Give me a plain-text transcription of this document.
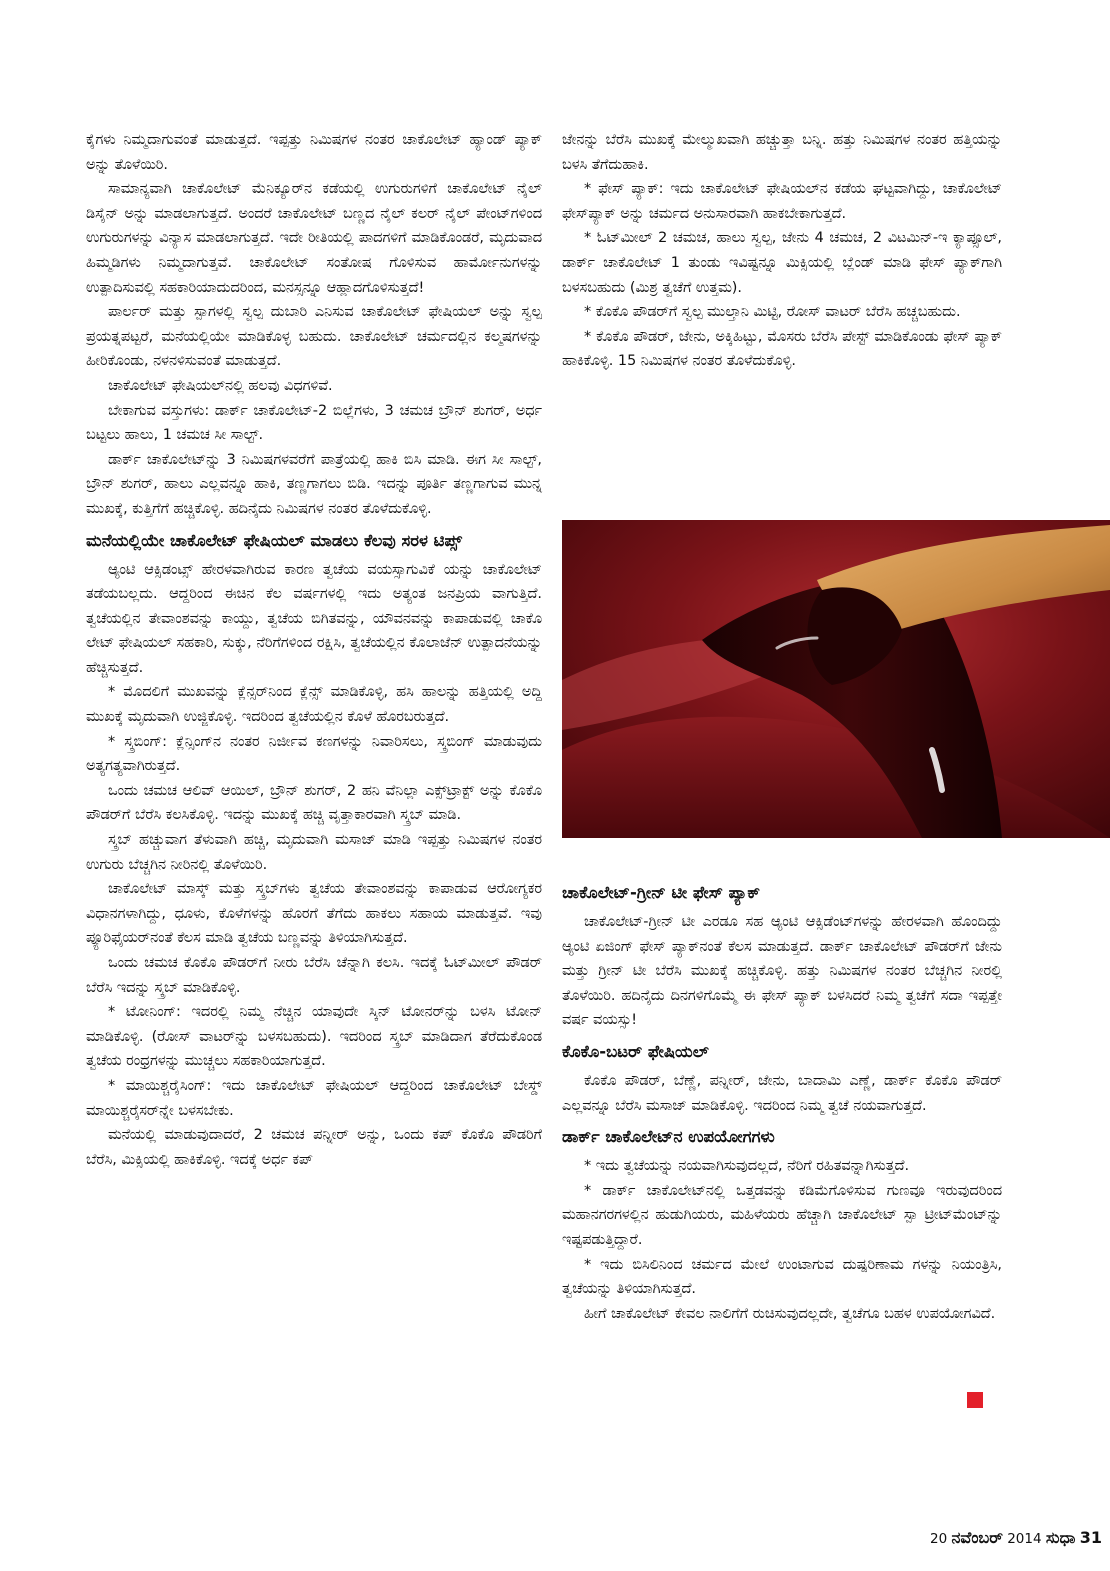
ಕೈಗಳು ನಿಮ್ಮದಾಗುವಂತೆ ಮಾಡುತ್ತದೆ. ಇಪ್ಪತ್ತು ನಿಮಿಷಗಳ ನಂತರ ಚಾಕೊಲೇಟ್ ಹ್ಯಾಂಡ್ ಪ್ಯಾಕ್ ಅನ್ನು ತೊಳೆಯಿರಿ.

ಸಾಮಾನ್ಯವಾಗಿ ಚಾಕೊಲೇಟ್ ಮೆನಿಕ್ಯೂರ್‌ನ ಕಡೆಯಲ್ಲಿ ಉಗುರುಗಳಿಗೆ ಚಾಕೊಲೇಟ್ ನೈಲ್ ಡಿಸೈನ್ ಅನ್ನು ಮಾಡಲಾಗುತ್ತದೆ. ಅಂದರೆ ಚಾಕೊಲೇಟ್ ಬಣ್ಣದ ನೈಲ್ ಕಲರ್ ನೈಲ್ ಪೇಂಟ್‌ಗಳಿಂದ ಉಗುರುಗಳನ್ನು ವಿನ್ಯಾಸ ಮಾಡಲಾಗುತ್ತದೆ. ಇದೇ ರೀತಿಯಲ್ಲಿ ಪಾದಗಳಿಗೆ ಮಾಡಿಕೊಂಡರೆ, ಮೃದುವಾದ ಹಿಮ್ಮಡಿಗಳು ನಿಮ್ಮದಾಗುತ್ತವೆ. ಚಾಕೊಲೇಟ್ ಸಂತೋಷ ಗೊಳಿಸುವ ಹಾರ್ಮೋನುಗಳನ್ನು ಉತ್ಪಾದಿಸುವಲ್ಲಿ ಸಹಕಾರಿಯಾದುದರಿಂದ, ಮನಸ್ಸನ್ನೂ ಆಹ್ಲಾದಗೊಳಿಸುತ್ತದೆ!

ಪಾರ್ಲರ್ ಮತ್ತು ಸ್ಪಾಗಳಲ್ಲಿ ಸ್ವಲ್ಪ ದುಬಾರಿ ಎನಿಸುವ ಚಾಕೊಲೇಟ್ ಫೇಷಿಯಲ್ ಅನ್ನು ಸ್ವಲ್ಪ ಪ್ರಯತ್ನಪಟ್ಟರೆ, ಮನೆಯಲ್ಲಿಯೇ ಮಾಡಿಕೊಳ್ಳ ಬಹುದು. ಚಾಕೊಲೇಟ್ ಚರ್ಮದಲ್ಲಿನ ಕಲ್ಮಷಗಳನ್ನು ಹೀರಿಕೊಂಡು, ನಳನಳಿಸುವಂತೆ ಮಾಡುತ್ತದೆ.

ಚಾಕೊಲೇಟ್ ಫೇಷಿಯಲ್‌ನಲ್ಲಿ ಹಲವು ವಿಧಗಳಿವೆ.

ಬೇಕಾಗುವ ವಸ್ತುಗಳು: ಡಾರ್ಕ್ ಚಾಕೊಲೇಟ್-2 ಬಿಲ್ಲೆಗಳು, 3 ಚಮಚ ಬ್ರೌನ್ ಶುಗರ್, ಅರ್ಧ ಬಟ್ಟಲು ಹಾಲು, 1 ಚಮಚ ಸೀ ಸಾಲ್ಟ್.

ಡಾರ್ಕ್ ಚಾಕೊಲೇಟ್‌ನ್ನು 3 ನಿಮಿಷಗಳವರೆಗೆ ಪಾತ್ರೆಯಲ್ಲಿ ಹಾಕಿ ಬಿಸಿ ಮಾಡಿ. ಈಗ ಸೀ ಸಾಲ್ಟ್, ಬ್ರೌನ್ ಶುಗರ್, ಹಾಲು ಎಲ್ಲವನ್ನೂ ಹಾಕಿ, ತಣ್ಣಗಾಗಲು ಬಿಡಿ. ಇದನ್ನು ಪೂರ್ತಿ ತಣ್ಣಗಾಗುವ ಮುನ್ನ ಮುಖಕ್ಕೆ, ಕುತ್ತಿಗೆಗೆ ಹಚ್ಚಿಕೊಳ್ಳಿ. ಹದಿನೈದು ನಿಮಿಷಗಳ ನಂತರ ತೊಳೆದುಕೊಳ್ಳಿ.

ಮನೆಯಲ್ಲಿಯೇ ಚಾಕೊಲೇಟ್ ಫೇಷಿಯಲ್ ಮಾಡಲು ಕೆಲವು ಸರಳ ಟಿಪ್ಸ್

ಆ್ಯಂಟಿ ಆಕ್ಸಿಡಂಟ್ಸ್ ಹೇರಳವಾಗಿರುವ ಕಾರಣ ತ್ವಚೆಯ ವಯಸ್ಸಾಗುವಿಕೆ ಯನ್ನು ಚಾಕೊಲೇಟ್ ತಡೆಯಬಲ್ಲದು. ಆದ್ದರಿಂದ ಈಚಿನ ಕೆಲ ವರ್ಷಗಳಲ್ಲಿ ಇದು ಅತ್ಯಂತ ಜನಪ್ರಿಯ ವಾಗುತ್ತಿದೆ. ತ್ವಚೆಯಲ್ಲಿನ ತೇವಾಂಶವನ್ನು ಕಾಯ್ದು, ತ್ವಚೆಯ ಬಿಗಿತವನ್ನು, ಯೌವನವನ್ನು ಕಾಪಾಡುವಲ್ಲಿ ಚಾಕೊ ಲೇಟ್ ಫೇಷಿಯಲ್ ಸಹಕಾರಿ, ಸುಕ್ಕು, ನೆರಿಗೆಗಳಿಂದ ರಕ್ಷಿಸಿ, ತ್ವಚೆಯಲ್ಲಿನ ಕೊಲಾಜೆನ್ ಉತ್ಪಾದನೆಯನ್ನು ಹೆಚ್ಚಿಸುತ್ತದೆ.

* ಮೊದಲಿಗೆ ಮುಖವನ್ನು ಕ್ಲೆನ್ಸರ್‌ನಿಂದ ಕ್ಲೆನ್ಸ್ ಮಾಡಿಕೊಳ್ಳಿ, ಹಸಿ ಹಾಲನ್ನು ಹತ್ತಿಯಲ್ಲಿ ಅದ್ದಿ ಮುಖಕ್ಕೆ ಮೃದುವಾಗಿ ಉಜ್ಜಿಕೊಳ್ಳಿ. ಇದರಿಂದ ತ್ವಚೆಯಲ್ಲಿನ ಕೊಳೆ ಹೊರಬರುತ್ತದೆ.

* ಸ್ಕ್ರಬಿಂಗ್: ಕ್ಲೆನ್ಸಿಂಗ್‌ನ ನಂತರ ನಿರ್ಜೀವ ಕಣಗಳನ್ನು ನಿವಾರಿಸಲು, ಸ್ಕ್ರಬಿಂಗ್ ಮಾಡುವುದು ಅತ್ಯಗತ್ಯವಾಗಿರುತ್ತದೆ.

ಒಂದು ಚಮಚ ಆಲಿವ್ ಆಯಿಲ್, ಬ್ರೌನ್ ಶುಗರ್, 2 ಹನಿ ವೆನಿಲ್ಲಾ ಎಕ್ಸ್‌ಟ್ರಾಕ್ಟ್ ಅನ್ನು ಕೊಕೊ ಪೌಡರ್‌ಗೆ ಬೆರೆಸಿ ಕಲಸಿಕೊಳ್ಳಿ. ಇದನ್ನು ಮುಖಕ್ಕೆ ಹಚ್ಚಿ ವೃತ್ತಾಕಾರವಾಗಿ ಸ್ಕ್ರಬ್ ಮಾಡಿ.

ಸ್ಕ್ರಬ್ ಹಚ್ಚುವಾಗ ತೆಳುವಾಗಿ ಹಚ್ಚಿ, ಮೃದುವಾಗಿ ಮಸಾಜ್ ಮಾಡಿ ಇಪ್ಪತ್ತು ನಿಮಿಷಗಳ ನಂತರ ಉಗುರು ಬೆಚ್ಚಗಿನ ನೀರಿನಲ್ಲಿ ತೊಳೆಯಿರಿ.

ಚಾಕೊಲೇಟ್ ಮಾಸ್ಕ್ ಮತ್ತು ಸ್ಕ್ರಬ್‌ಗಳು ತ್ವಚೆಯ ತೇವಾಂಶವನ್ನು ಕಾಪಾಡುವ ಆರೋಗ್ಯಕರ ವಿಧಾನಗಳಾಗಿದ್ದು, ಧೂಳು, ಕೊಳೆಗಳನ್ನು ಹೊರಗೆ ತೆಗೆದು ಹಾಕಲು ಸಹಾಯ ಮಾಡುತ್ತವೆ. ಇವು ಪ್ಯೂರಿಫೈಯರ್‌ನಂತೆ ಕೆಲಸ ಮಾಡಿ ತ್ವಚೆಯ ಬಣ್ಣವನ್ನು ತಿಳಿಯಾಗಿಸುತ್ತದೆ.

ಒಂದು ಚಮಚ ಕೊಕೊ ಪೌಡರ್‌ಗೆ ನೀರು ಬೆರೆಸಿ ಚೆನ್ನಾಗಿ ಕಲಸಿ. ಇದಕ್ಕೆ ಓಟ್‌ಮೀಲ್ ಪೌಡರ್ ಬೆರೆಸಿ ಇದನ್ನು ಸ್ಕ್ರಬ್ ಮಾಡಿಕೊಳ್ಳಿ.

* ಟೋನಿಂಗ್: ಇದರಲ್ಲಿ ನಿಮ್ಮ ನೆಚ್ಚಿನ ಯಾವುದೇ ಸ್ಕಿನ್ ಟೋನರ್‌ನ್ನು ಬಳಸಿ ಟೋನ್ ಮಾಡಿಕೊಳ್ಳಿ. (ರೋಸ್ ವಾಟರ್‌ನ್ನು ಬಳಸಬಹುದು). ಇದರಿಂದ ಸ್ಕ್ರಬ್ ಮಾಡಿದಾಗ ತೆರೆದುಕೊಂಡ ತ್ವಚೆಯ ರಂಧ್ರಗಳನ್ನು ಮುಚ್ಚಲು ಸಹಕಾರಿಯಾಗುತ್ತದೆ.

* ಮಾಯಿಶ್ಚರೈಸಿಂಗ್: ಇದು ಚಾಕೊಲೇಟ್ ಫೇಷಿಯಲ್ ಆದ್ದರಿಂದ ಚಾಕೊಲೇಟ್ ಬೇಸ್ಡ್ ಮಾಯಿಶ್ಚರೈಸರ್‌ನ್ನೇ ಬಳಸಬೇಕು.

ಮನೆಯಲ್ಲಿ ಮಾಡುವುದಾದರೆ, 2 ಚಮಚ ಪನ್ನೀರ್ ಅನ್ನು, ಒಂದು ಕಪ್ ಕೊಕೊ ಪೌಡರಿಗೆ ಬೆರೆಸಿ, ಮಿಕ್ಸಿಯಲ್ಲಿ ಹಾಕಿಕೊಳ್ಳಿ. ಇದಕ್ಕೆ ಅರ್ಧ ಕಪ್

ಜೇನನ್ನು ಬೆರೆಸಿ ಮುಖಕ್ಕೆ ಮೇಲ್ಮುಖವಾಗಿ ಹಚ್ಚುತ್ತಾ ಬನ್ನಿ. ಹತ್ತು ನಿಮಿಷಗಳ ನಂತರ ಹತ್ತಿಯನ್ನು ಬಳಸಿ ತೆಗೆದುಹಾಕಿ.

* ಫೇಸ್ ಪ್ಯಾಕ್: ಇದು ಚಾಕೊಲೇಟ್ ಫೇಷಿಯಲ್‌ನ ಕಡೆಯ ಘಟ್ಟವಾಗಿದ್ದು, ಚಾಕೊಲೇಟ್ ಫೇಸ್‌ಪ್ಯಾಕ್ ಅನ್ನು ಚರ್ಮದ ಅನುಸಾರವಾಗಿ ಹಾಕಬೇಕಾಗುತ್ತದೆ.

* ಓಟ್‌ಮೀಲ್ 2 ಚಮಚ, ಹಾಲು ಸ್ವಲ್ಪ, ಜೇನು 4 ಚಮಚ, 2 ವಿಟಮಿನ್-ಇ ಕ್ಯಾಪ್ಸೂಲ್, ಡಾರ್ಕ್ ಚಾಕೊಲೇಟ್ 1 ತುಂಡು ಇವಿಷ್ಟನ್ನೂ ಮಿಕ್ಸಿಯಲ್ಲಿ ಬ್ಲೆಂಡ್ ಮಾಡಿ ಫೇಸ್ ಪ್ಯಾಕ್‌ಗಾಗಿ ಬಳಸಬಹುದು (ಮಿಶ್ರ ತ್ವಚೆಗೆ ಉತ್ತಮ).

* ಕೊಕೊ ಪೌಡರ್‌ಗೆ ಸ್ವಲ್ಪ ಮುಲ್ತಾನಿ ಮಿಟ್ಟಿ, ರೋಸ್ ವಾಟರ್ ಬೆರೆಸಿ ಹಚ್ಚಬಹುದು.

* ಕೊಕೊ ಪೌಡರ್, ಜೇನು, ಅಕ್ಕಿಹಿಟ್ಟು, ಮೊಸರು ಬೆರೆಸಿ ಪೇಸ್ಟ್ ಮಾಡಿಕೊಂಡು ಫೇಸ್ ಪ್ಯಾಕ್ ಹಾಕಿಕೊಳ್ಳಿ. 15 ನಿಮಿಷಗಳ ನಂತರ ತೊಳೆದುಕೊಳ್ಳಿ.

ಚಾಕೊಲೇಟ್-ಗ್ರೀನ್ ಟೀ ಫೇಸ್ ಪ್ಯಾಕ್

ಚಾಕೊಲೇಟ್-ಗ್ರೀನ್ ಟೀ ಎರಡೂ ಸಹ ಆ್ಯಂಟಿ ಆಕ್ಸಿಡೆಂಟ್‌ಗಳನ್ನು ಹೇರಳವಾಗಿ ಹೊಂದಿದ್ದು ಆ್ಯಂಟಿ ಏಜಿಂಗ್ ಫೇಸ್ ಪ್ಯಾಕ್‌ನಂತೆ ಕೆಲಸ ಮಾಡುತ್ತದೆ. ಡಾರ್ಕ್ ಚಾಕೊಲೇಟ್ ಪೌಡರ್‌ಗೆ ಜೇನು ಮತ್ತು ಗ್ರೀನ್ ಟೀ ಬೆರೆಸಿ ಮುಖಕ್ಕೆ ಹಚ್ಚಿಕೊಳ್ಳಿ. ಹತ್ತು ನಿಮಿಷಗಳ ನಂತರ ಬೆಚ್ಚಗಿನ ನೀರಲ್ಲಿ ತೊಳೆಯಿರಿ. ಹದಿನೈದು ದಿನಗಳಿಗೊಮ್ಮೆ ಈ ಫೇಸ್ ಪ್ಯಾಕ್ ಬಳಸಿದರೆ ನಿಮ್ಮ ತ್ವಚೆಗೆ ಸದಾ ಇಪ್ಪತ್ತೇ ವರ್ಷ ವಯಸ್ಸು!

ಕೊಕೊ-ಬಟರ್ ಫೇಷಿಯಲ್

ಕೊಕೊ ಪೌಡರ್, ಬೆಣ್ಣೆ, ಪನ್ನೀರ್, ಜೇನು, ಬಾದಾಮಿ ಎಣ್ಣೆ, ಡಾರ್ಕ್ ಕೊಕೊ ಪೌಡರ್ ಎಲ್ಲವನ್ನೂ ಬೆರೆಸಿ ಮಸಾಜ್ ಮಾಡಿಕೊಳ್ಳಿ. ಇದರಿಂದ ನಿಮ್ಮ ತ್ವಚೆ ನಯವಾಗುತ್ತದೆ.

ಡಾರ್ಕ್ ಚಾಕೊಲೇಟ್‌ನ ಉಪಯೋಗಗಳು

* ಇದು ತ್ವಚೆಯನ್ನು ನಯವಾಗಿಸುವುದಲ್ಲದೆ, ನೆರಿಗೆ ರಹಿತವನ್ನಾಗಿಸುತ್ತದೆ.

* ಡಾರ್ಕ್ ಚಾಕೊಲೇಟ್‌ನಲ್ಲಿ ಒತ್ತಡವನ್ನು ಕಡಿಮೆಗೊಳಿಸುವ ಗುಣವೂ ಇರುವುದರಿಂದ ಮಹಾನಗರಗಳಲ್ಲಿನ ಹುಡುಗಿಯರು, ಮಹಿಳೆಯರು ಹೆಚ್ಚಾಗಿ ಚಾಕೊಲೇಟ್ ಸ್ಪಾ ಟ್ರೀಟ್‌ಮೆಂಟ್‌ನ್ನು ಇಷ್ಟಪಡುತ್ತಿದ್ದಾರೆ.

* ಇದು ಬಿಸಿಲಿನಿಂದ ಚರ್ಮದ ಮೇಲೆ ಉಂಟಾಗುವ ದುಷ್ಪರಿಣಾಮ ಗಳನ್ನು ನಿಯಂತ್ರಿಸಿ, ತ್ವಚೆಯನ್ನು ತಿಳಿಯಾಗಿಸುತ್ತದೆ.

ಹೀಗೆ ಚಾಕೊಲೇಟ್ ಕೇವಲ ನಾಲಿಗೆಗೆ ರುಚಿಸುವುದಲ್ಲದೇ, ತ್ವಚೆಗೂ ಬಹಳ ಉಪಯೋಗವಿದೆ.

20 ನವೆಂಬರ್ 2014 ಸುಧಾ 31
